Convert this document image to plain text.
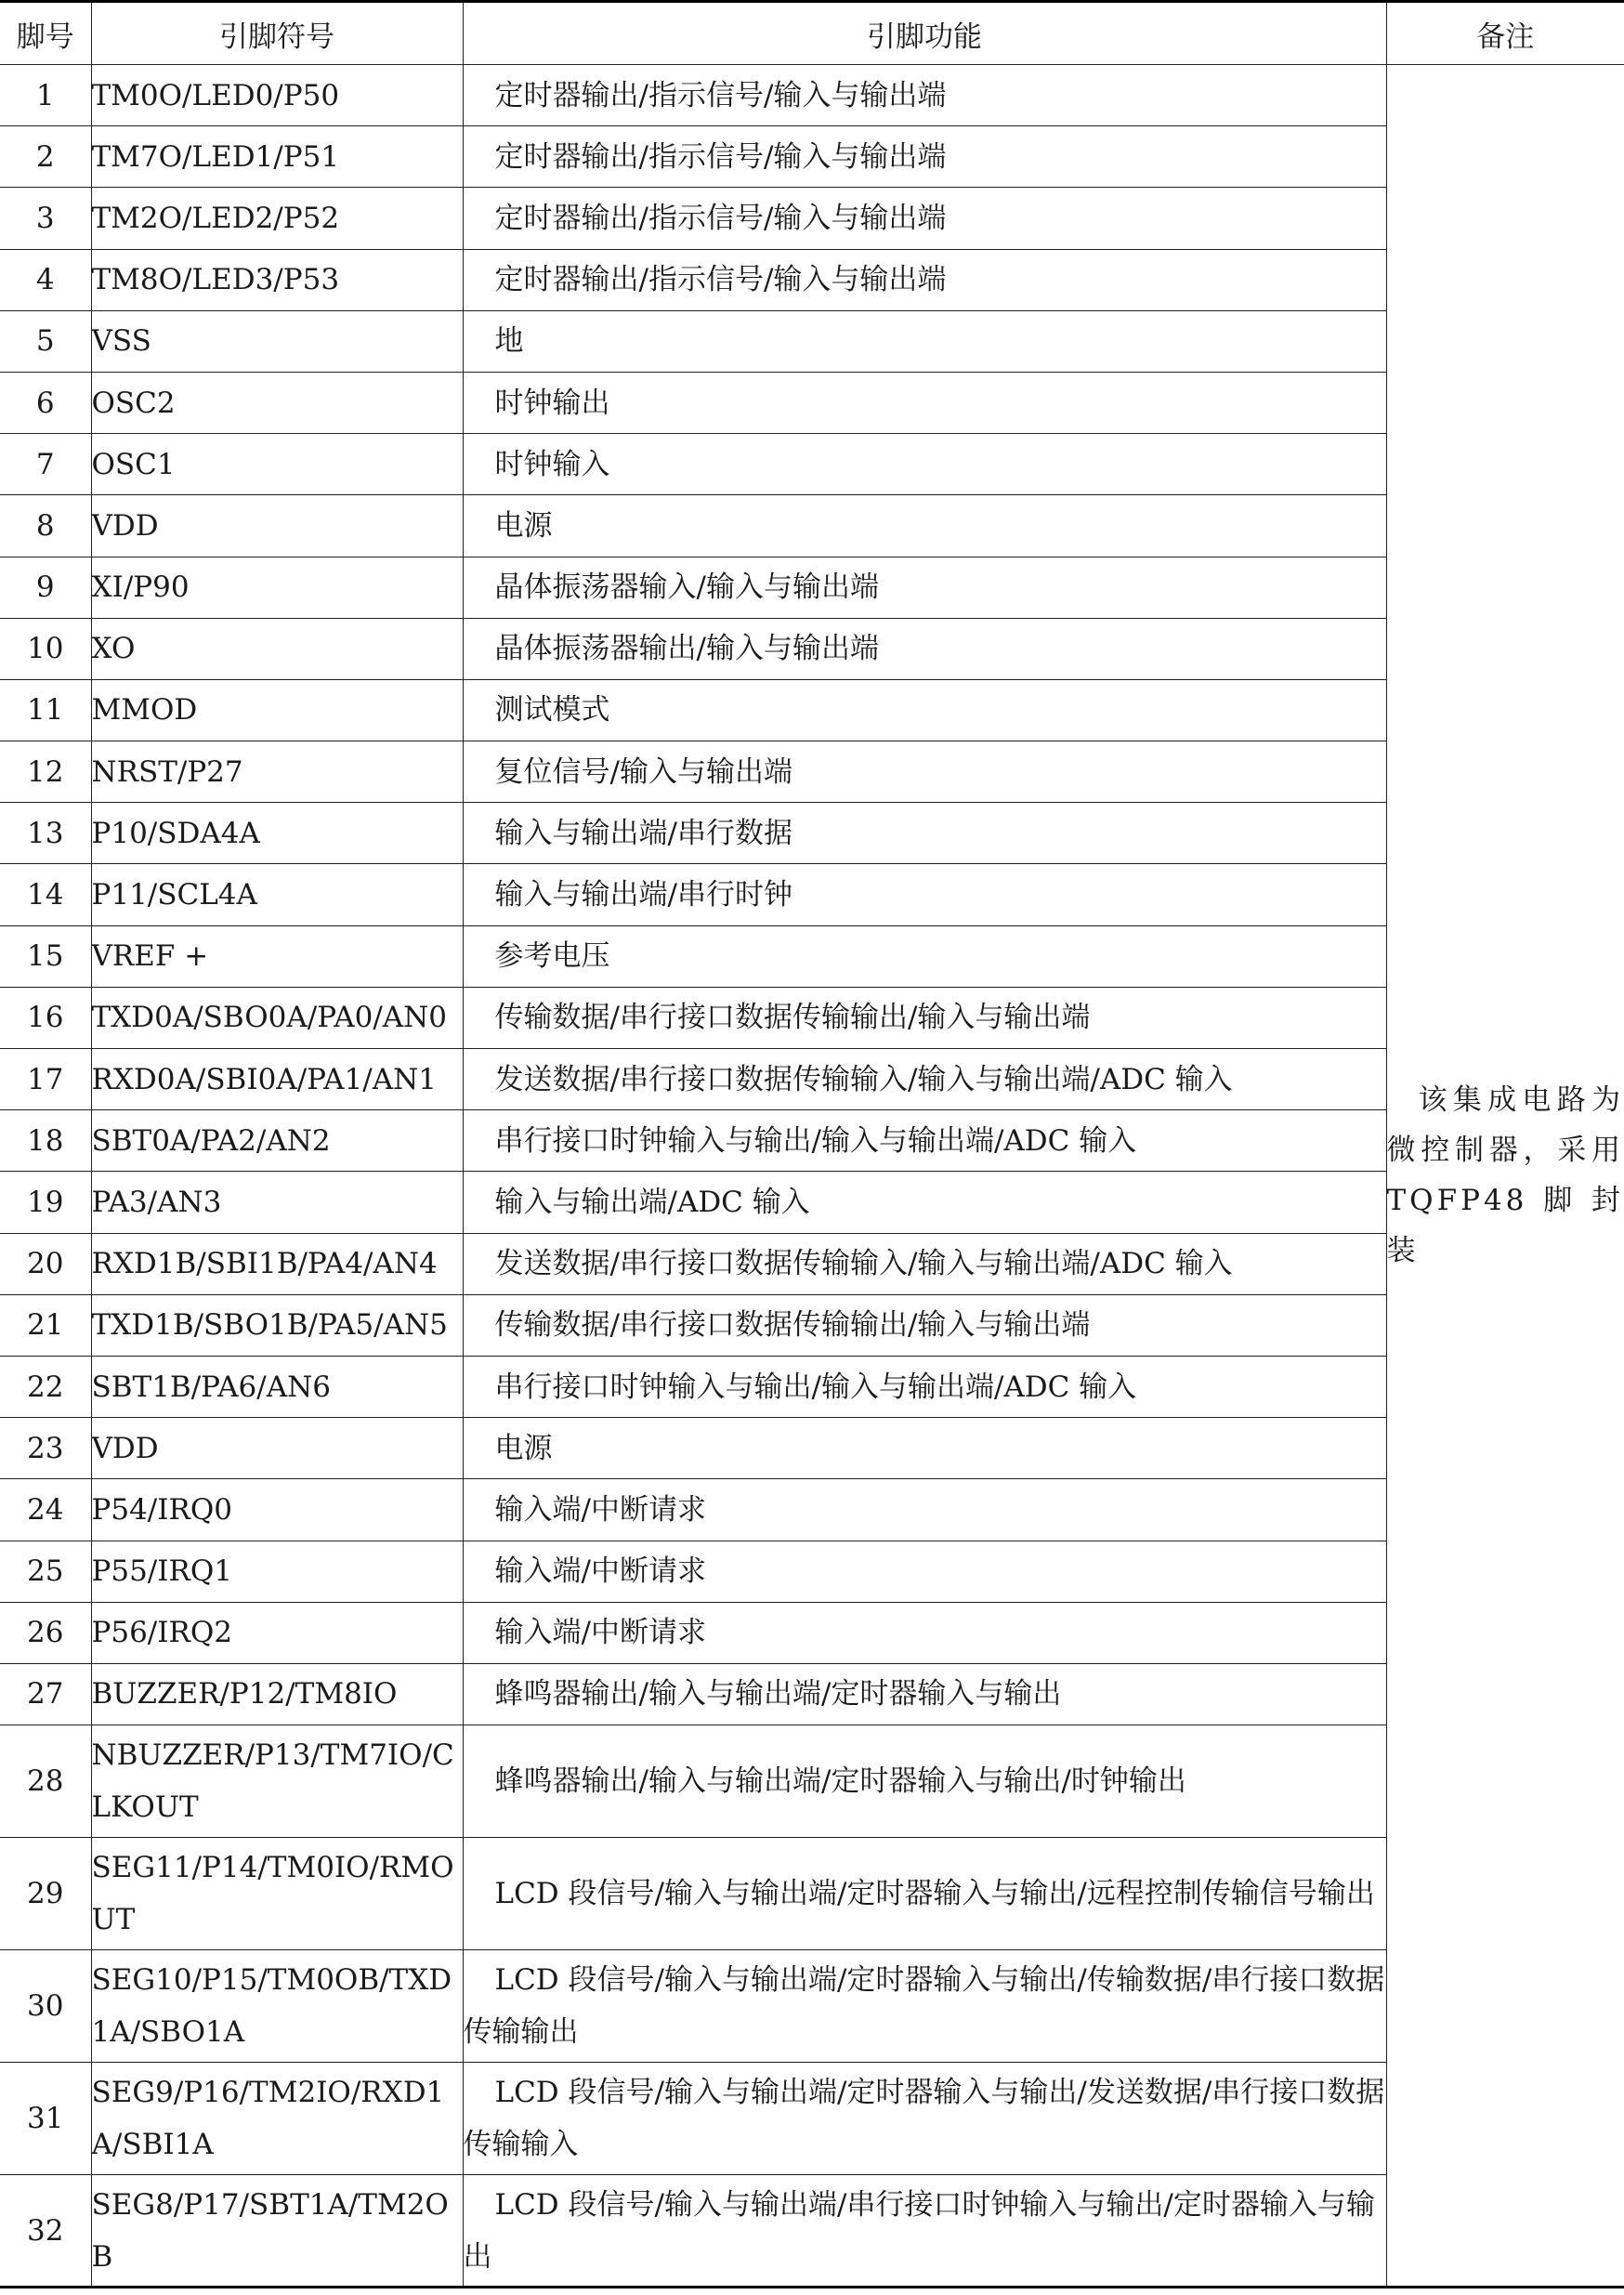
脚号	引脚符号	引脚功能	备注
1	TM0O/LED0/P50	定时器输出/指示信号/输入与输出端	该集成电路为微控制器，采用TQFP48脚封装
2	TM7O/LED1/P51	定时器输出/指示信号/输入与输出端	
3	TM2O/LED2/P52	定时器输出/指示信号/输入与输出端	
4	TM8O/LED3/P53	定时器输出/指示信号/输入与输出端	
5	VSS	地	
6	OSC2	时钟输出	
7	OSC1	时钟输入	
8	VDD	电源	
9	XI/P90	晶体振荡器输入/输入与输出端	
10	XO	晶体振荡器输出/输入与输出端	
11	MMOD	测试模式	
12	NRST/P27	复位信号/输入与输出端	
13	P10/SDA4A	输入与输出端/串行数据	
14	P11/SCL4A	输入与输出端/串行时钟	
15	VREF +	参考电压	
16	TXD0A/SBO0A/PA0/AN0	传输数据/串行接口数据传输输出/输入与输出端	
17	RXD0A/SBI0A/PA1/AN1	发送数据/串行接口数据传输输入/输入与输出端/ADC 输入	
18	SBT0A/PA2/AN2	串行接口时钟输入与输出/输入与输出端/ADC 输入	
19	PA3/AN3	输入与输出端/ADC 输入	
20	RXD1B/SBI1B/PA4/AN4	发送数据/串行接口数据传输输入/输入与输出端/ADC 输入	
21	TXD1B/SBO1B/PA5/AN5	传输数据/串行接口数据传输输出/输入与输出端	
22	SBT1B/PA6/AN6	串行接口时钟输入与输出/输入与输出端/ADC 输入	
23	VDD	电源	
24	P54/IRQ0	输入端/中断请求	
25	P55/IRQ1	输入端/中断请求	
26	P56/IRQ2	输入端/中断请求	
27	BUZZER/P12/TM8IO	蜂鸣器输出/输入与输出端/定时器输入与输出	
28	NBUZZER/P13/TM7IO/CLKOUT	蜂鸣器输出/输入与输出端/定时器输入与输出/时钟输出	
29	SEG11/P14/TM0IO/RMOUT	LCD 段信号/输入与输出端/定时器输入与输出/远程控制传输信号输出	
30	SEG10/P15/TM0OB/TXD1A/SBO1A	LCD 段信号/输入与输出端/定时器输入与输出/传输数据/串行接口数据传输输出	
31	SEG9/P16/TM2IO/RXD1A/SBI1A	LCD 段信号/输入与输出端/定时器输入与输出/发送数据/串行接口数据传输输入	
32	SEG8/P17/SBT1A/TM2OB	LCD 段信号/输入与输出端/串行接口时钟输入与输出/定时器输入与输出	
